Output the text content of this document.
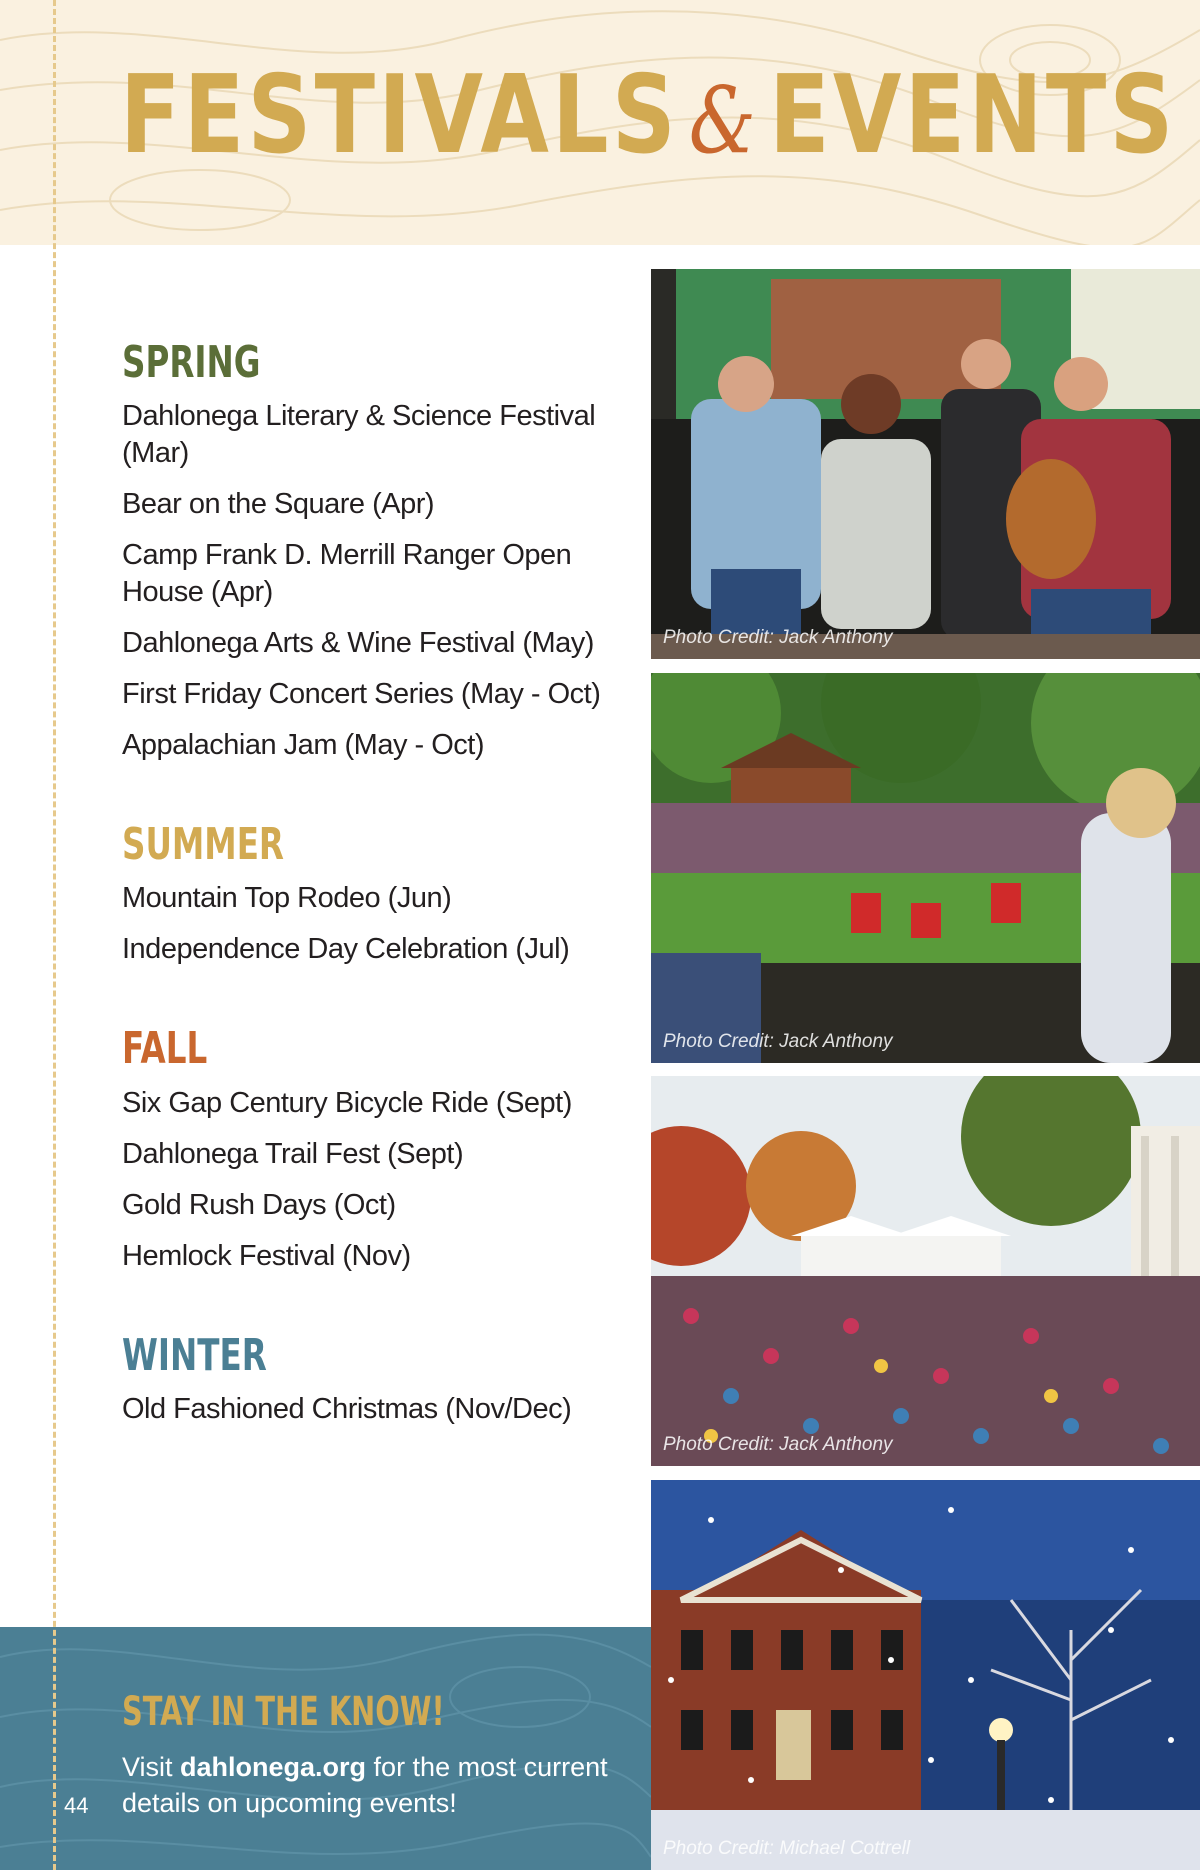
FESTIVALS &EVENTS
SPRING
Dahlonega Literary & Science Festival (Mar)
Bear on the Square (Apr)
Camp Frank D. Merrill Ranger Open House (Apr)
Dahlonega Arts & Wine Festival (May)
First Friday Concert Series (May - Oct)
Appalachian Jam (May - Oct)
SUMMER
Mountain Top Rodeo (Jun)
Independence Day Celebration (Jul)
FALL
Six Gap Century Bicycle Ride (Sept)
Dahlonega Trail Fest (Sept)
Gold Rush Days (Oct)
Hemlock Festival (Nov)
WINTER
Old Fashioned Christmas (Nov/Dec)
Photo Credit: Jack Anthony
Photo Credit: Jack Anthony
Photo Credit: Jack Anthony
Photo Credit: Michael Cottrell
STAY IN THE KNOW!

Visit dahlonega.org for the most current details on upcoming events!

44
